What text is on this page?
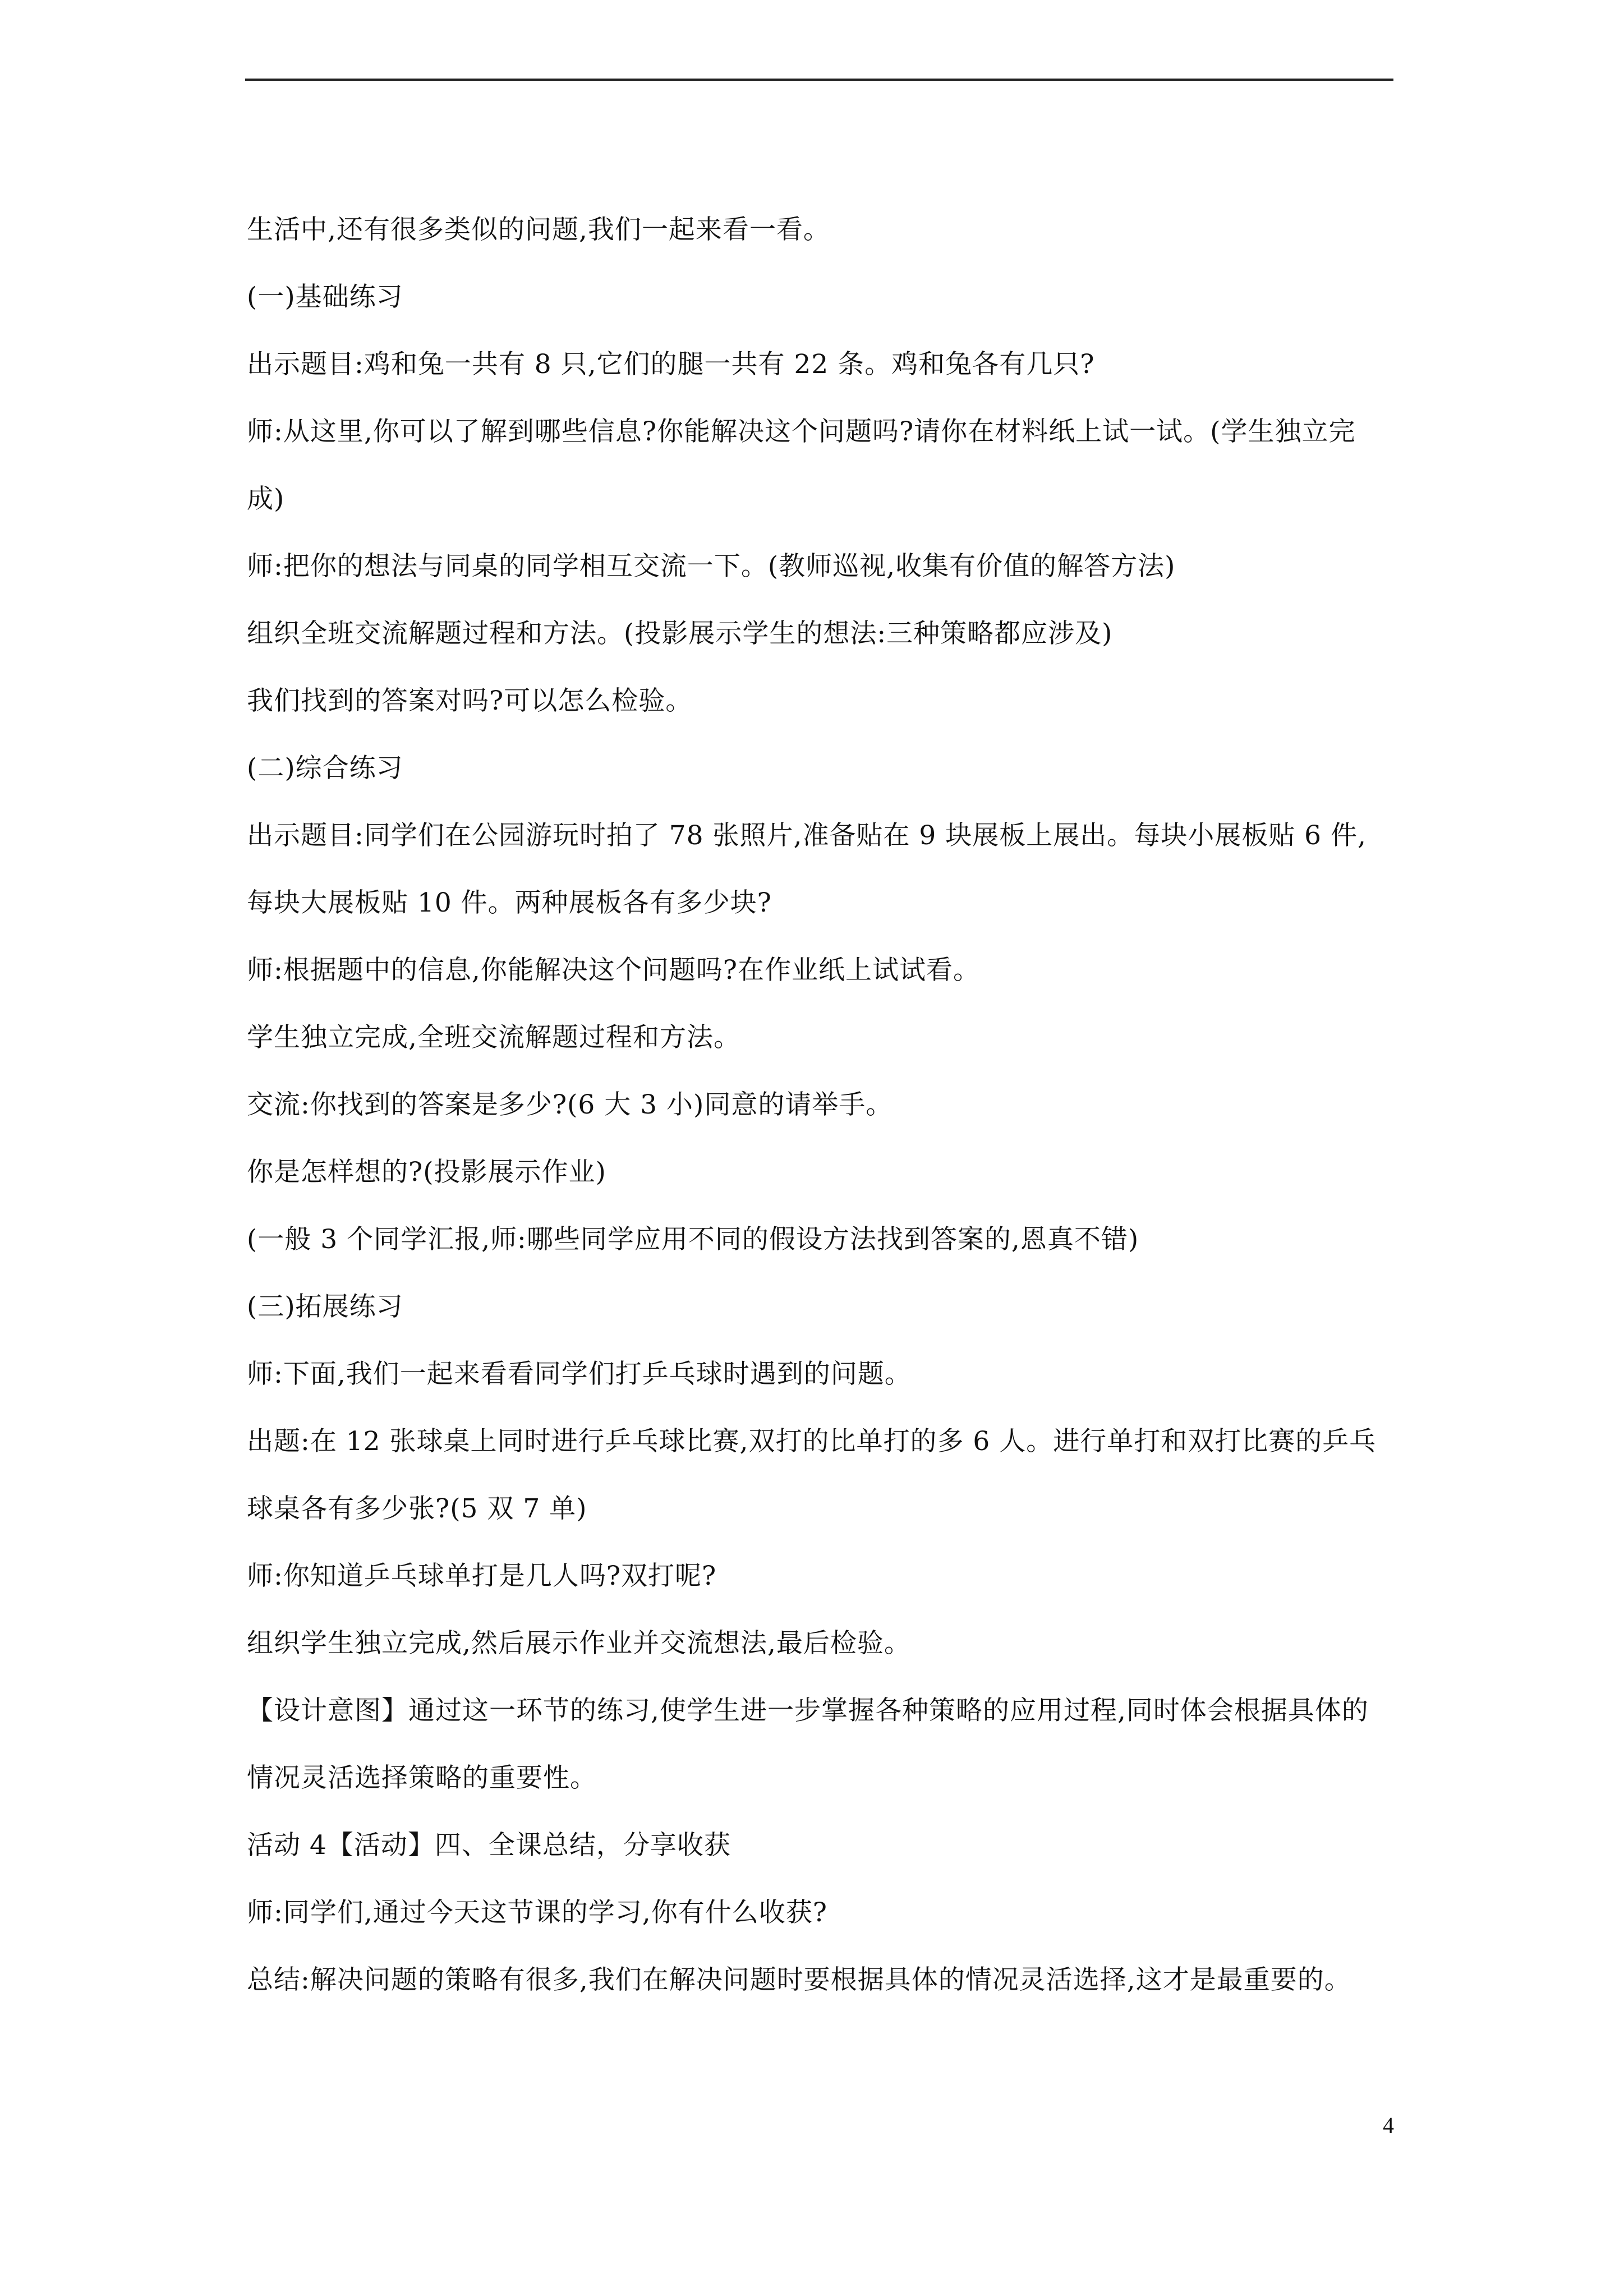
生活中,还有很多类似的问题,我们一起来看一看。

(一)基础练习

出示题目:鸡和兔一共有 8 只,它们的腿一共有 22 条。鸡和兔各有几只?

师:从这里,你可以了解到哪些信息?你能解决这个问题吗?请你在材料纸上试一试。(学生独立完成)

师:把你的想法与同桌的同学相互交流一下。(教师巡视,收集有价值的解答方法)

组织全班交流解题过程和方法。(投影展示学生的想法:三种策略都应涉及)

我们找到的答案对吗?可以怎么检验。

(二)综合练习

出示题目:同学们在公园游玩时拍了 78 张照片,准备贴在 9 块展板上展出。每块小展板贴 6 件,每块大展板贴 10 件。两种展板各有多少块?

师:根据题中的信息,你能解决这个问题吗?在作业纸上试试看。

学生独立完成,全班交流解题过程和方法。

交流:你找到的答案是多少?(6 大 3 小)同意的请举手。

你是怎样想的?(投影展示作业)

(一般 3 个同学汇报,师:哪些同学应用不同的假设方法找到答案的,恩真不错)

(三)拓展练习

师:下面,我们一起来看看同学们打乒乓球时遇到的问题。

出题:在 12 张球桌上同时进行乒乓球比赛,双打的比单打的多 6 人。进行单打和双打比赛的乒乓球桌各有多少张?(5 双 7 单)

师:你知道乒乓球单打是几人吗?双打呢?

组织学生独立完成,然后展示作业并交流想法,最后检验。

【设计意图】通过这一环节的练习,使学生进一步掌握各种策略的应用过程,同时体会根据具体的情况灵活选择策略的重要性。

活动 4【活动】四、全课总结，分享收获

师:同学们,通过今天这节课的学习,你有什么收获?

总结:解决问题的策略有很多,我们在解决问题时要根据具体的情况灵活选择,这才是最重要的。

4
